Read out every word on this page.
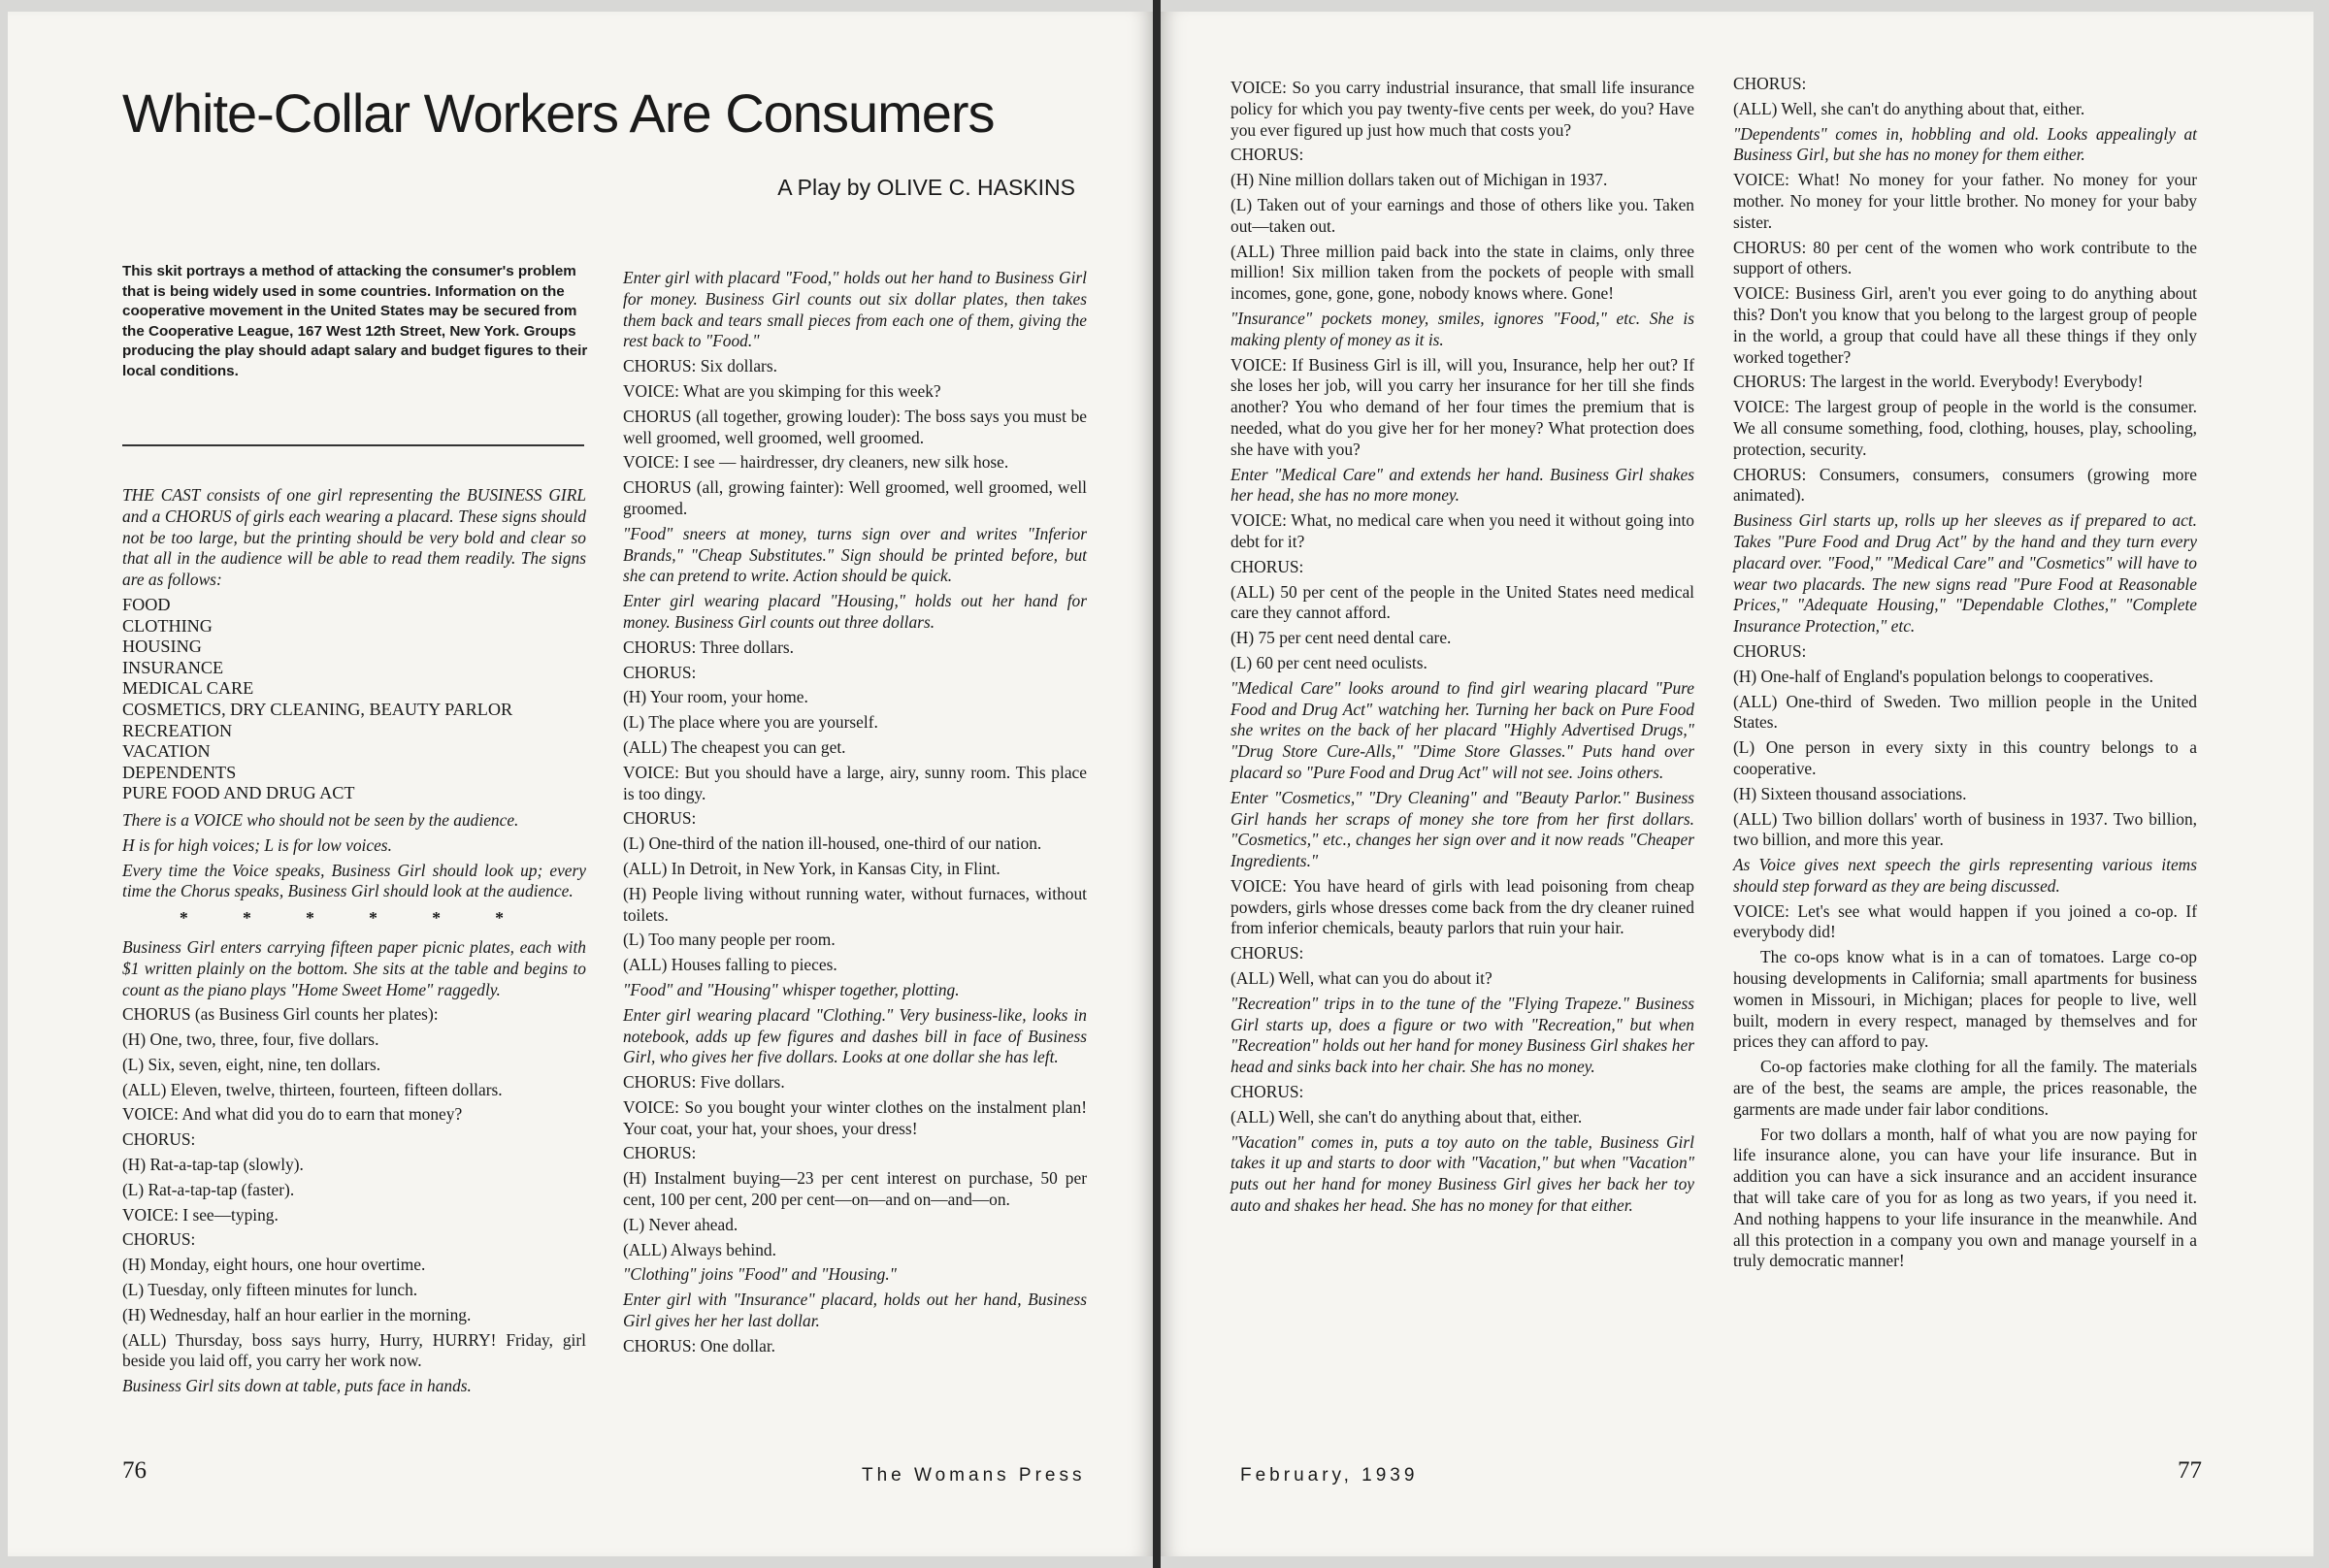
White-Collar Workers Are Consumers
A Play by OLIVE C. HASKINS
This skit portrays a method of attacking the consumer's problem that is being widely used in some countries. Information on the cooperative movement in the United States may be secured from the Cooperative League, 167 West 12th Street, New York. Groups producing the play should adapt salary and budget figures to their local conditions.

THE CAST consists of one girl representing the BUSINESS GIRL and a CHORUS of girls each wearing a placard. These signs should not be too large, but the printing should be very bold and clear so that all in the audience will be able to read them readily. The signs are as follows:

FOOD
CLOTHING
HOUSING
INSURANCE
MEDICAL CARE
COSMETICS, DRY CLEANING, BEAUTY PARLOR
RECREATION
VACATION
DEPENDENTS
PURE FOOD AND DRUG ACT

There is a VOICE who should not be seen by the audience.

H is for high voices; L is for low voices.

Every time the Voice speaks, Business Girl should look up; every time the Chorus speaks, Business Girl should look at the audience.

* * * * * *

Business Girl enters carrying fifteen paper picnic plates, each with $1 written plainly on the bottom. She sits at the table and begins to count as the piano plays "Home Sweet Home" raggedly.

CHORUS (as Business Girl counts her plates):

(H) One, two, three, four, five dollars.

(L) Six, seven, eight, nine, ten dollars.

(ALL) Eleven, twelve, thirteen, fourteen, fifteen dollars.

VOICE: And what did you do to earn that money?

CHORUS:

(H) Rat-a-tap-tap (slowly).

(L) Rat-a-tap-tap (faster).

VOICE: I see—typing.

CHORUS:

(H) Monday, eight hours, one hour overtime.

(L) Tuesday, only fifteen minutes for lunch.

(H) Wednesday, half an hour earlier in the morning.

(ALL) Thursday, boss says hurry, Hurry, HURRY! Friday, girl beside you laid off, you carry her work now.

Business Girl sits down at table, puts face in hands.

Enter girl with placard "Food," holds out her hand to Business Girl for money. Business Girl counts out six dollar plates, then takes them back and tears small pieces from each one of them, giving the rest back to "Food."

CHORUS: Six dollars.

VOICE: What are you skimping for this week?

CHORUS (all together, growing louder): The boss says you must be well groomed, well groomed, well groomed.

VOICE: I see — hairdresser, dry cleaners, new silk hose.

CHORUS (all, growing fainter): Well groomed, well groomed, well groomed.

"Food" sneers at money, turns sign over and writes "Inferior Brands," "Cheap Substitutes." Sign should be printed before, but she can pretend to write. Action should be quick.

Enter girl wearing placard "Housing," holds out her hand for money. Business Girl counts out three dollars.

CHORUS: Three dollars.

CHORUS:

(H) Your room, your home.

(L) The place where you are yourself.

(ALL) The cheapest you can get.

VOICE: But you should have a large, airy, sunny room. This place is too dingy.

CHORUS:

(L) One-third of the nation ill-housed, one-third of our nation.

(ALL) In Detroit, in New York, in Kansas City, in Flint.

(H) People living without running water, without furnaces, without toilets.

(L) Too many people per room.

(ALL) Houses falling to pieces.

"Food" and "Housing" whisper together, plotting.

Enter girl wearing placard "Clothing." Very business-like, looks in notebook, adds up few figures and dashes bill in face of Business Girl, who gives her five dollars. Looks at one dollar she has left.

CHORUS: Five dollars.

VOICE: So you bought your winter clothes on the instalment plan! Your coat, your hat, your shoes, your dress!

CHORUS:

(H) Instalment buying—23 per cent interest on purchase, 50 per cent, 100 per cent, 200 per cent—on—and on—and—on.

(L) Never ahead.

(ALL) Always behind.

"Clothing" joins "Food" and "Housing."

Enter girl with "Insurance" placard, holds out her hand, Business Girl gives her her last dollar.

CHORUS: One dollar.

76	The Womans Press

VOICE: So you carry industrial insurance, that small life insurance policy for which you pay twenty-five cents per week, do you? Have you ever figured up just how much that costs you?

CHORUS:

(H) Nine million dollars taken out of Michigan in 1937.

(L) Taken out of your earnings and those of others like you. Taken out—taken out.

(ALL) Three million paid back into the state in claims, only three million! Six million taken from the pockets of people with small incomes, gone, gone, gone, nobody knows where. Gone!

"Insurance" pockets money, smiles, ignores "Food," etc. She is making plenty of money as it is.

VOICE: If Business Girl is ill, will you, Insurance, help her out? If she loses her job, will you carry her insurance for her till she finds another? You who demand of her four times the premium that is needed, what do you give her for her money? What protection does she have with you?

Enter "Medical Care" and extends her hand. Business Girl shakes her head, she has no more money.

VOICE: What, no medical care when you need it without going into debt for it?

CHORUS:

(ALL) 50 per cent of the people in the United States need medical care they cannot afford.

(H) 75 per cent need dental care.

(L) 60 per cent need oculists.

"Medical Care" looks around to find girl wearing placard "Pure Food and Drug Act" watching her. Turning her back on Pure Food she writes on the back of her placard "Highly Advertised Drugs," "Drug Store Cure-Alls," "Dime Store Glasses." Puts hand over placard so "Pure Food and Drug Act" will not see. Joins others.

Enter "Cosmetics," "Dry Cleaning" and "Beauty Parlor." Business Girl hands her scraps of money she tore from her first dollars. "Cosmetics," etc., changes her sign over and it now reads "Cheaper Ingredients."

VOICE: You have heard of girls with lead poisoning from cheap powders, girls whose dresses come back from the dry cleaner ruined from inferior chemicals, beauty parlors that ruin your hair.

CHORUS:

(ALL) Well, what can you do about it?

"Recreation" trips in to the tune of the "Flying Trapeze." Business Girl starts up, does a figure or two with "Recreation," but when "Recreation" holds out her hand for money Business Girl shakes her head and sinks back into her chair. She has no money.

CHORUS:

(ALL) Well, she can't do anything about that, either.

"Vacation" comes in, puts a toy auto on the table, Business Girl takes it up and starts to door with "Vacation," but when "Vacation" puts out her hand for money Business Girl gives her back her toy auto and shakes her head. She has no money for that either.

CHORUS:

(ALL) Well, she can't do anything about that, either.

"Dependents" comes in, hobbling and old. Looks appealingly at Business Girl, but she has no money for them either.

VOICE: What! No money for your father. No money for your mother. No money for your little brother. No money for your baby sister.

CHORUS: 80 per cent of the women who work contribute to the support of others.

VOICE: Business Girl, aren't you ever going to do anything about this? Don't you know that you belong to the largest group of people in the world, a group that could have all these things if they only worked together?

CHORUS: The largest in the world. Everybody! Everybody!

VOICE: The largest group of people in the world is the consumer. We all consume something, food, clothing, houses, play, schooling, protection, security.

CHORUS: Consumers, consumers, consumers (growing more animated).

Business Girl starts up, rolls up her sleeves as if prepared to act. Takes "Pure Food and Drug Act" by the hand and they turn every placard over. "Food," "Medical Care" and "Cosmetics" will have to wear two placards. The new signs read "Pure Food at Reasonable Prices," "Adequate Housing," "Dependable Clothes," "Complete Insurance Protection," etc.

CHORUS:

(H) One-half of England's population belongs to cooperatives.

(ALL) One-third of Sweden. Two million people in the United States.

(L) One person in every sixty in this country belongs to a cooperative.

(H) Sixteen thousand associations.

(ALL) Two billion dollars' worth of business in 1937. Two billion, two billion, and more this year.

As Voice gives next speech the girls representing various items should step forward as they are being discussed.

VOICE: Let's see what would happen if you joined a co-op. If everybody did!

The co-ops know what is in a can of tomatoes. Large co-op housing developments in California; small apartments for business women in Missouri, in Michigan; places for people to live, well built, modern in every respect, managed by themselves and for prices they can afford to pay.

Co-op factories make clothing for all the family. The materials are of the best, the seams are ample, the prices reasonable, the garments are made under fair labor conditions.

For two dollars a month, half of what you are now paying for life insurance alone, you can have your life insurance. But in addition you can have a sick insurance and an accident insurance that will take care of you for as long as two years, if you need it. And nothing happens to your life insurance in the meanwhile. And all this protection in a company you own and manage yourself in a truly democratic manner!

February, 1939	77
